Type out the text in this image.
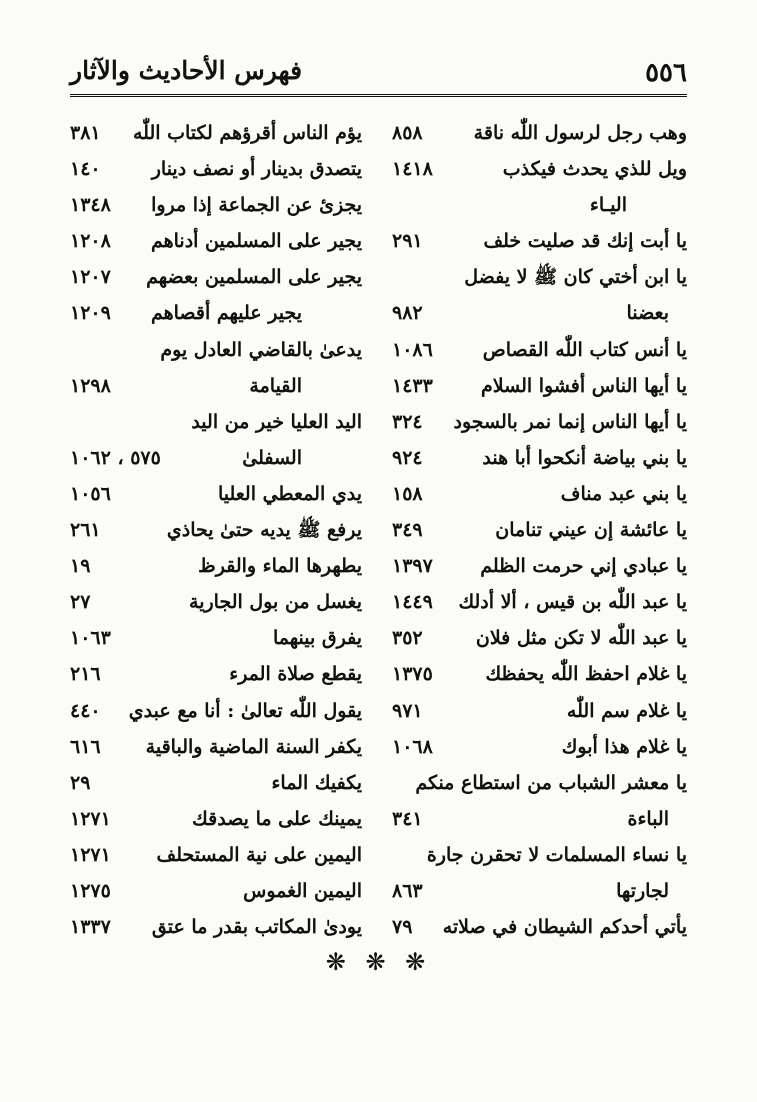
٥٥٦
فهرس الأحاديث والآثار
وهب رجل لرسول اللّٰه ناقة
٨٥٨
ويل للذي يحدث فيكذب
١٤١٨
اليـاء
يا أبت إنك قد صليت خلف
٢٩١
يا ابن أختي كان ﷺ لا يفضل
بعضنا
٩٨٢
يا أنس كتاب اللّٰه القصاص
١٠٨٦
يا أيها الناس أفشوا السلام
١٤٣٣
يا أيها الناس إنما نمر بالسجود
٣٢٤
يا بني بياضة أنكحوا أبا هند
٩٢٤
يا بني عبد مناف
١٥٨
يا عائشة إن عيني تنامان
٣٤٩
يا عبادي إني حرمت الظلم
١٣٩٧
يا عبد اللّٰه بن قيس ، ألا أدلك
١٤٤٩
يا عبد اللّٰه لا تكن مثل فلان
٣٥٢
يا غلام احفظ اللّٰه يحفظك
١٣٧٥
يا غلام سم اللّٰه
٩٧١
يا غلام هذا أبوك
١٠٦٨
يا معشر الشباب من استطاع منكم
الباءة
٣٤١
يا نساء المسلمات لا تحقرن جارة
لجارتها
٨٦٣
يأتي أحدكم الشيطان في صلاته
٧٩
يؤم الناس أقرؤهم لكتاب اللّٰه
٣٨١
يتصدق بدينار أو نصف دينار
١٤٠
يجزئ عن الجماعة إذا مروا
١٣٤٨
يجير على المسلمين أدناهم
١٢٠٨
يجير على المسلمين بعضهم
١٢٠٧
يجير عليهم أقصاهم
١٢٠٩
يدعىٰ بالقاضي العادل يوم
القيامة
١٢٩٨
اليد العليا خير من اليد
السفلىٰ
٥٧٥ ، ١٠٦٢
يدي المعطي العليا
١٠٥٦
يرفع ﷺ يديه حتىٰ يحاذي
٢٦١
يطهرها الماء والقرظ
١٩
يغسل من بول الجارية
٢٧
يفرق بينهما
١٠٦٣
يقطع صلاة المرء
٢١٦
يقول اللّٰه تعالىٰ : أنا مع عبدي
٤٤٠
يكفر السنة الماضية والباقية
٦١٦
يكفيك الماء
٢٩
يمينك على ما يصدقك
١٢٧١
اليمين على نية المستحلف
١٢٧١
اليمين الغموس
١٢٧٥
يودىٰ المكاتب بقدر ما عتق
١٣٣٧
❋ ❋ ❋
